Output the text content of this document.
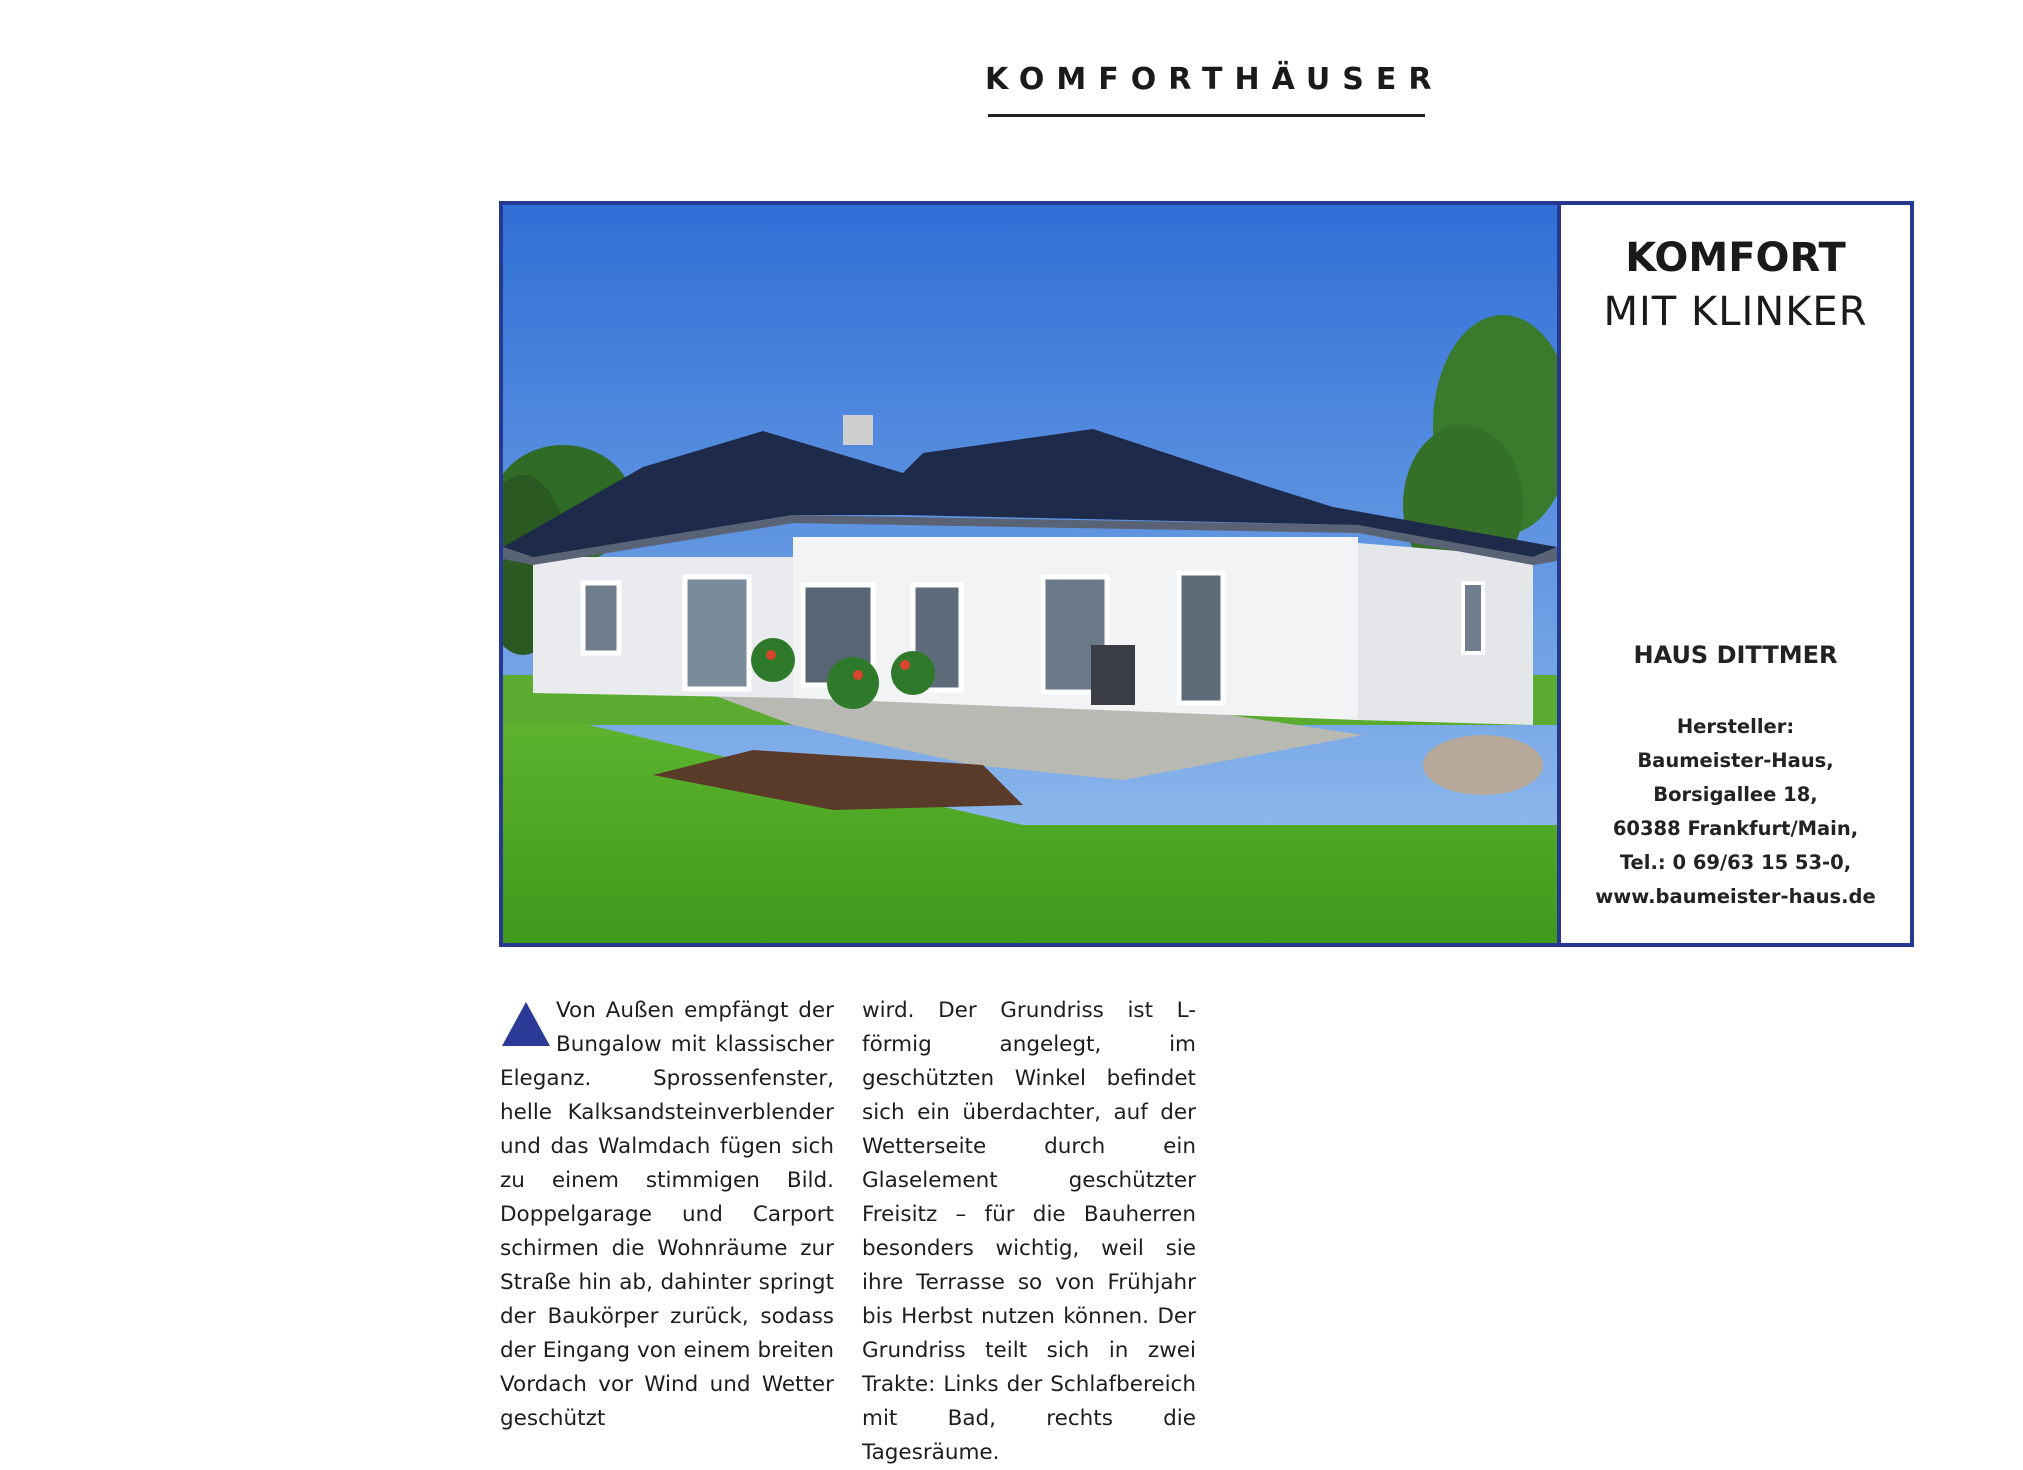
KOMFORTHÄUSER
KOMFORT
MIT KLINKER
HAUS DITTMER
Hersteller:
Baumeister-Haus,
Borsigallee 18,
60388 Frankfurt/Main,
Tel.: 0 69/63 15 53-0,
www.baumeister-haus.de

Von Außen empfängt der Bungalow mit klassischer Eleganz. Sprossenfenster, helle Kalksandsteinverblender und das Walmdach fügen sich zu einem stimmigen Bild. Doppelgarage und Carport schirmen die Wohnräume zur Straße hin ab, dahinter springt der Baukörper zurück, sodass der Eingang von einem breiten Vordach vor Wind und Wetter geschützt

wird. Der Grundriss ist L-förmig angelegt, im geschützten Winkel befindet sich ein überdachter, auf der Wetterseite durch ein Glaselement geschützter Freisitz – für die Bauherren besonders wichtig, weil sie ihre Terrasse so von Frühjahr bis Herbst nutzen können. Der Grundriss teilt sich in zwei Trakte: Links der Schlafbereich mit Bad, rechts die Tagesräume.
